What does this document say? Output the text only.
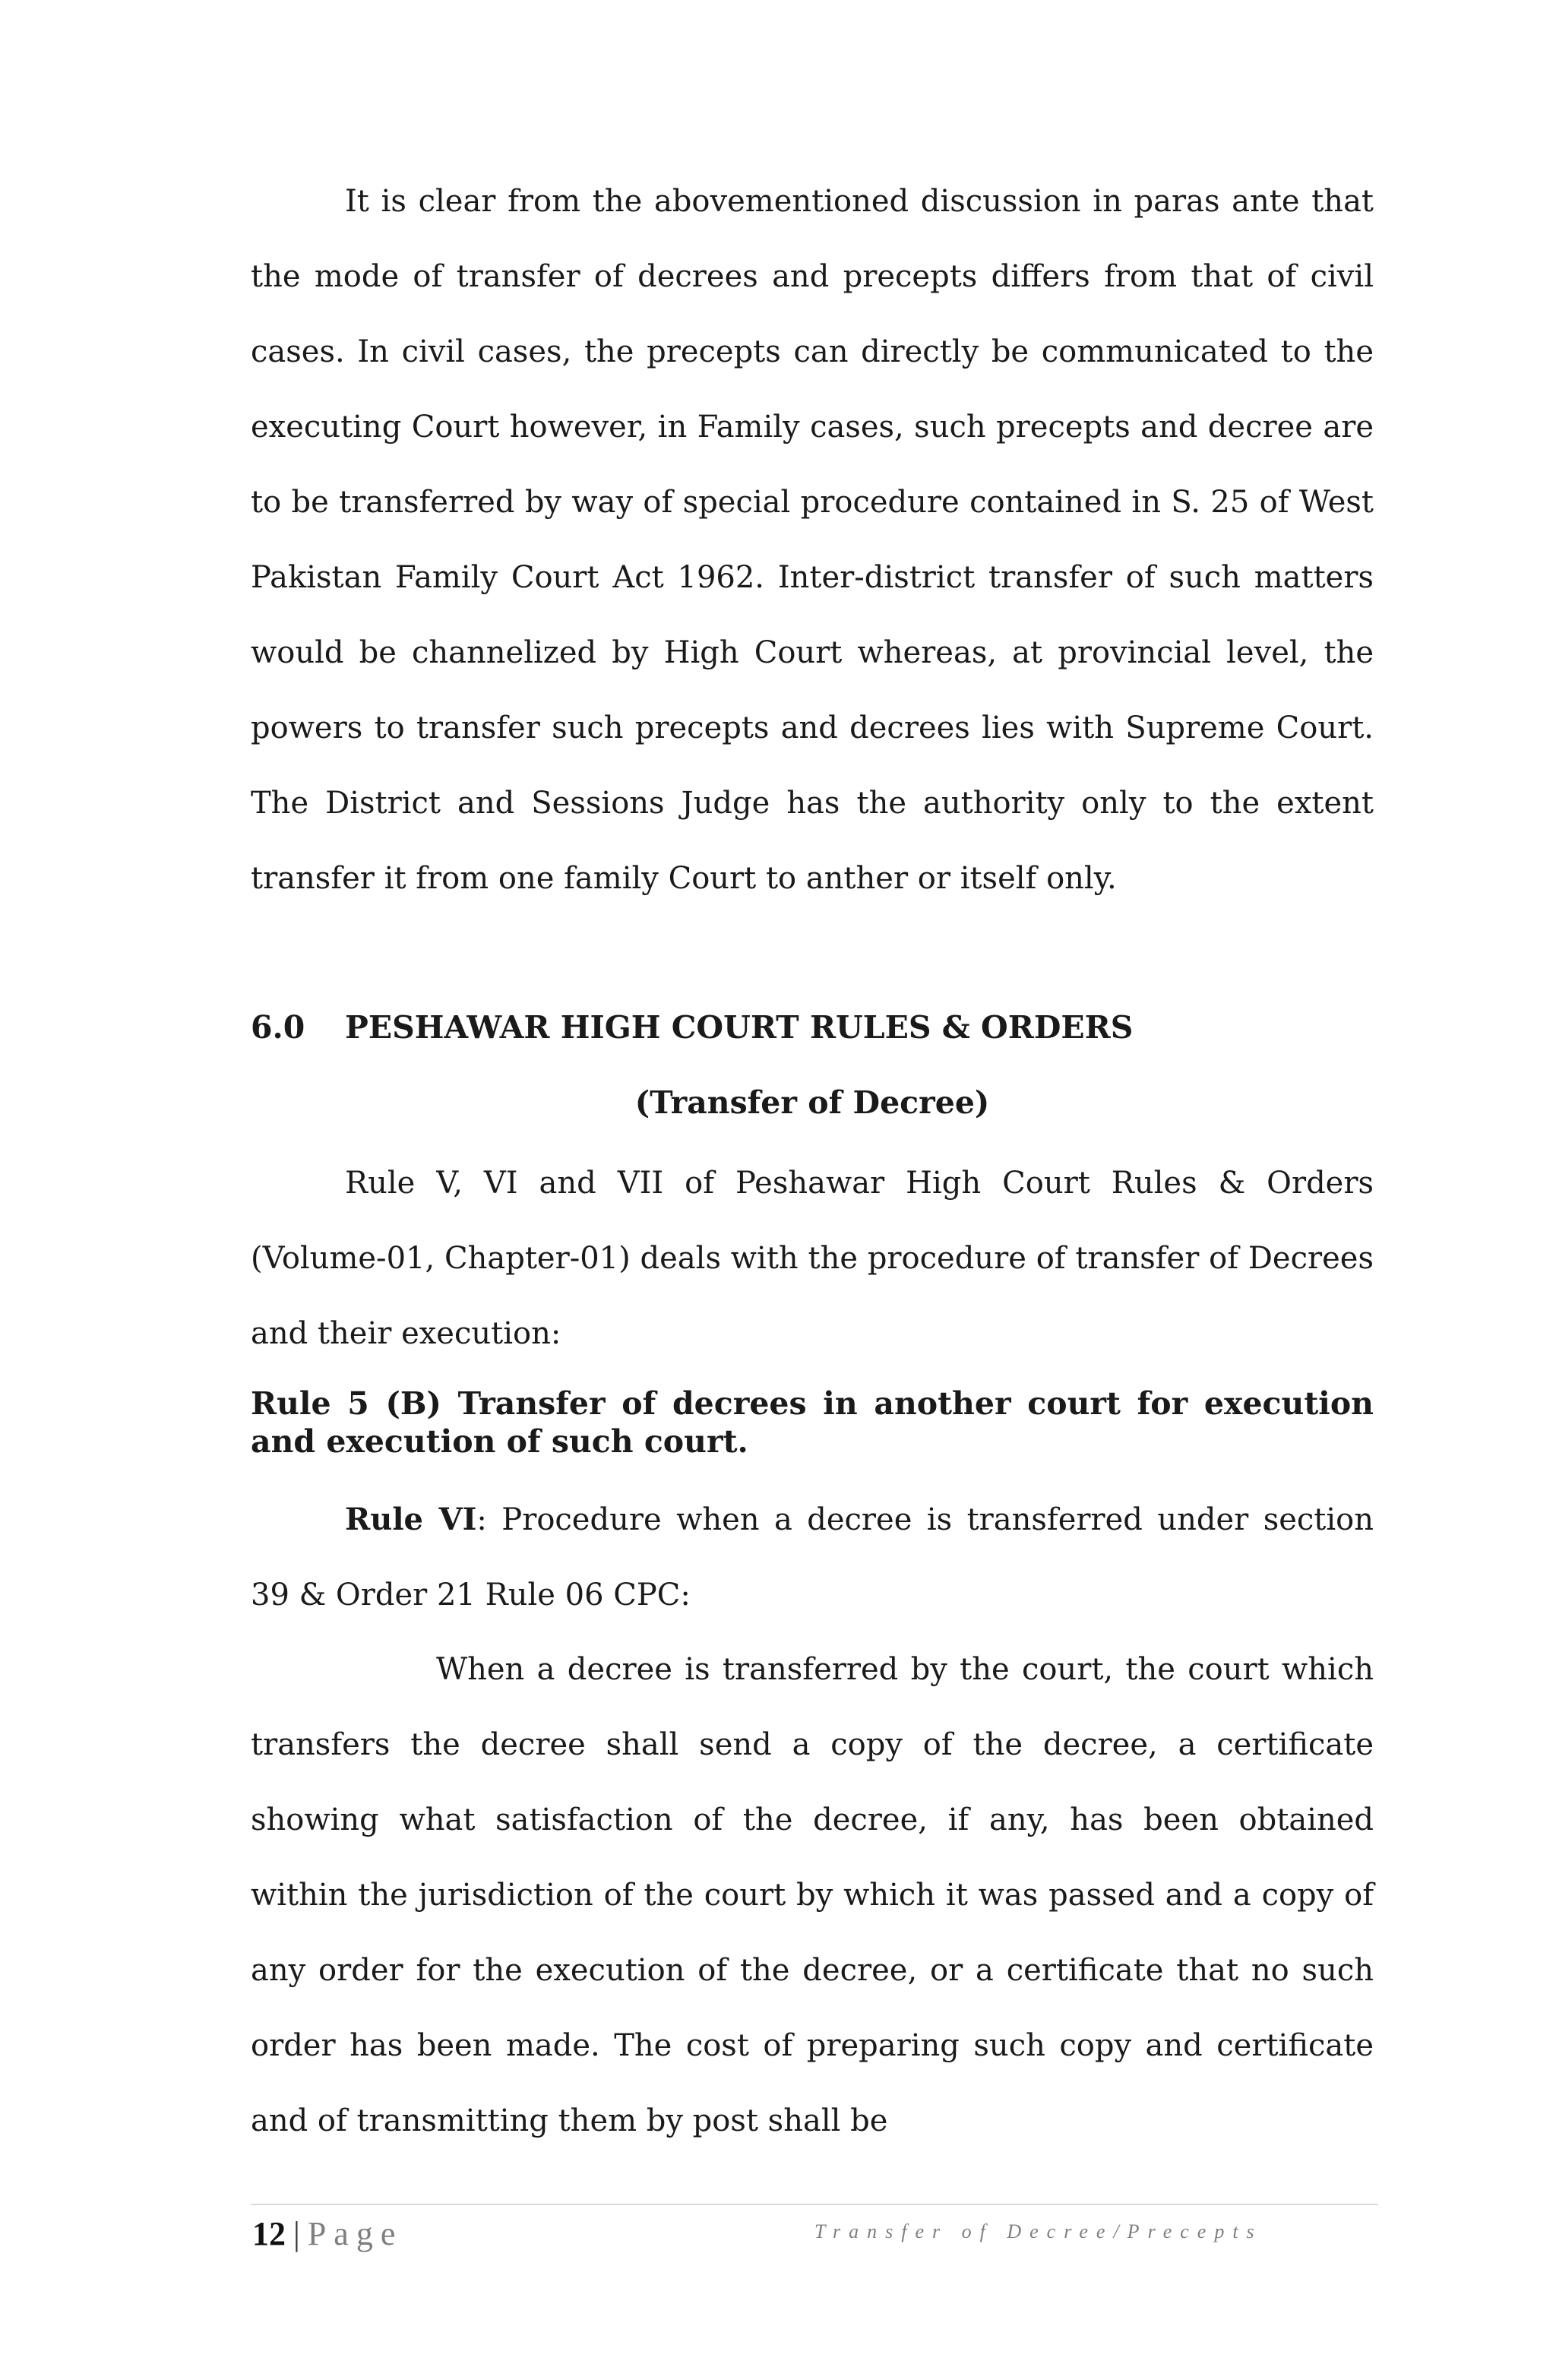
It is clear from the abovementioned discussion in paras ante that the mode of transfer of decrees and precepts differs from that of civil cases. In civil cases, the precepts can directly be communicated to the executing Court however, in Family cases, such precepts and decree are to be transferred by way of special procedure contained in S. 25 of West Pakistan Family Court Act 1962. Inter-district transfer of such matters would be channelized by High Court whereas, at provincial level, the powers to transfer such precepts and decrees lies with Supreme Court. The District and Sessions Judge has the authority only to the extent transfer it from one family Court to anther or itself only.

6.0 PESHAWAR HIGH COURT RULES & ORDERS
(Transfer of Decree)

Rule V, VI and VII of Peshawar High Court Rules & Orders (Volume-01, Chapter-01) deals with the procedure of transfer of Decrees and their execution:

Rule 5 (B) Transfer of decrees in another court for execution and execution of such court.

Rule VI: Procedure when a decree is transferred under section 39 & Order 21 Rule 06 CPC:

When a decree is transferred by the court, the court which transfers the decree shall send a copy of the decree, a certificate showing what satisfaction of the decree, if any, has been obtained within the jurisdiction of the court by which it was passed and a copy of any order for the execution of the decree, or a certificate that no such order has been made. The cost of preparing such copy and certificate and of transmitting them by post shall be

12 | Page	Transfer of Decree/Precepts
